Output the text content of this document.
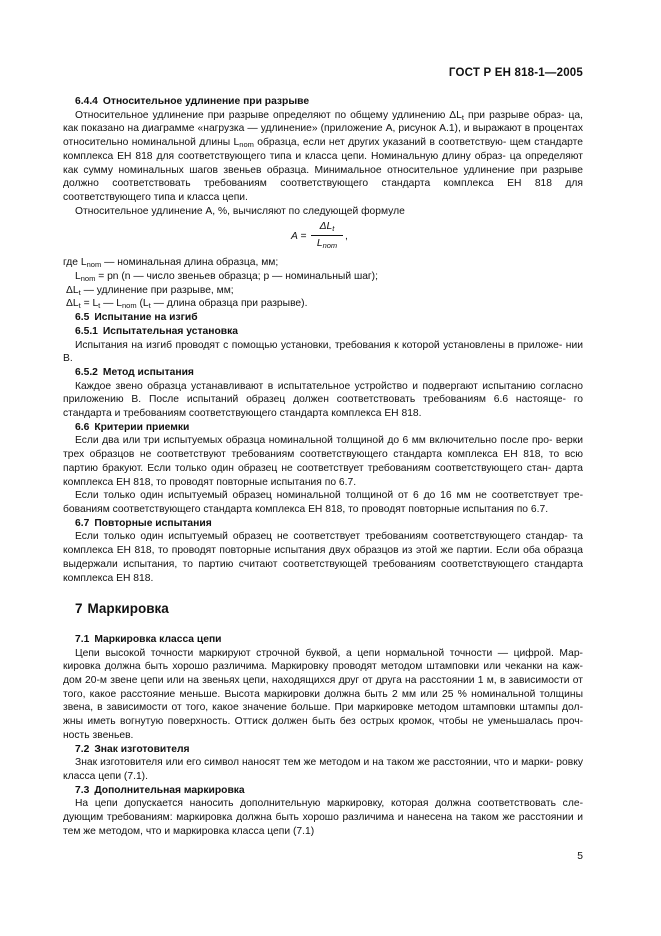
ГОСТ Р ЕН 818-1—2005

6.4.4 Относительное удлинение при разрыве

Относительное удлинение при разрыве определяют по общему удлинению $\Delta L_t$ при разрыве образ- ца, как показано на диаграмме «нагрузка — удлинение» (приложение А, рисунок А.1), и выражают в процентах относительно номинальной длины $L_{nom}$ образца, если нет других указаний в соответствую- щем стандарте комплекса ЕН 818 для соответствующего типа и класса цепи. Номинальную длину образ- ца определяют как сумму номинальных шагов звеньев образца. Минимальное относительное удлинение при разрыве должно соответствовать требованиям соответствующего стандарта комплекса ЕН 818 для соответствующего типа и класса цепи.

Относительное удлинение A, %, вычисляют по следующей формуле

A =
$\Delta L_t$
$L_{nom}$
,

где $L_{nom}$ — номинальная длина образца, мм;

$L_{nom}$ = pn (n — число звеньев образца; p — номинальный шаг);

$\Delta L_t$ — удлинение при разрыве, мм;

$\Delta L_t = L_t$ — $L_{nom}$ ($L_t$ — длина образца при разрыве).

6.5 Испытание на изгиб

6.5.1 Испытательная установка

Испытания на изгиб проводят с помощью установки, требования к которой установлены в приложе- нии В.

6.5.2 Метод испытания

Каждое звено образца устанавливают в испытательное устройство и подвергают испытанию согласно приложению В. После испытаний образец должен соответствовать требованиям 6.6 настояще- го стандарта и требованиям соответствующего стандарта комплекса ЕН 818.

6.6 Критерии приемки

Если два или три испытуемых образца номинальной толщиной до 6 мм включительно после про- верки трех образцов не соответствуют требованиям соответствующего стандарта комплекса ЕН 818, то всю партию бракуют. Если только один образец не соответствует требованиям соответствующего стан- дарта комплекса ЕН 818, то проводят повторные испытания по 6.7.

Если только один испытуемый образец номинальной толщиной от 6 до 16 мм не соответствует тре- бованиям соответствующего стандарта комплекса ЕН 818, то проводят повторные испытания по 6.7.

6.7 Повторные испытания

Если только один испытуемый образец не соответствует требованиям соответствующего стандар- та комплекса ЕН 818, то проводят повторные испытания двух образцов из этой же партии. Если оба образца выдержали испытания, то партию считают соответствующей требованиям соответствующего стандарта комплекса ЕН 818.

7 Маркировка

7.1 Маркировка класса цепи

Цепи высокой точности маркируют строчной буквой, а цепи нормальной точности — цифрой. Мар- кировка должна быть хорошо различима. Маркировку проводят методом штамповки или чеканки на каж- дом 20-м звене цепи или на звеньях цепи, находящихся друг от друга на расстоянии 1 м, в зависимости от того, какое расстояние меньше. Высота маркировки должна быть 2 мм или 25 % номинальной толщины звена, в зависимости от того, какое значение больше. При маркировке методом штамповки штампы дол- жны иметь вогнутую поверхность. Оттиск должен быть без острых кромок, чтобы не уменьшалась проч- ность звеньев.

7.2 Знак изготовителя

Знак изготовителя или его символ наносят тем же методом и на таком же расстоянии, что и марки- ровку класса цепи (7.1).

7.3 Дополнительная маркировка

На цепи допускается наносить дополнительную маркировку, которая должна соответствовать сле- дующим требованиям: маркировка должна быть хорошо различима и нанесена на таком же расстоянии и тем же методом, что и маркировка класса цепи (7.1)

5
